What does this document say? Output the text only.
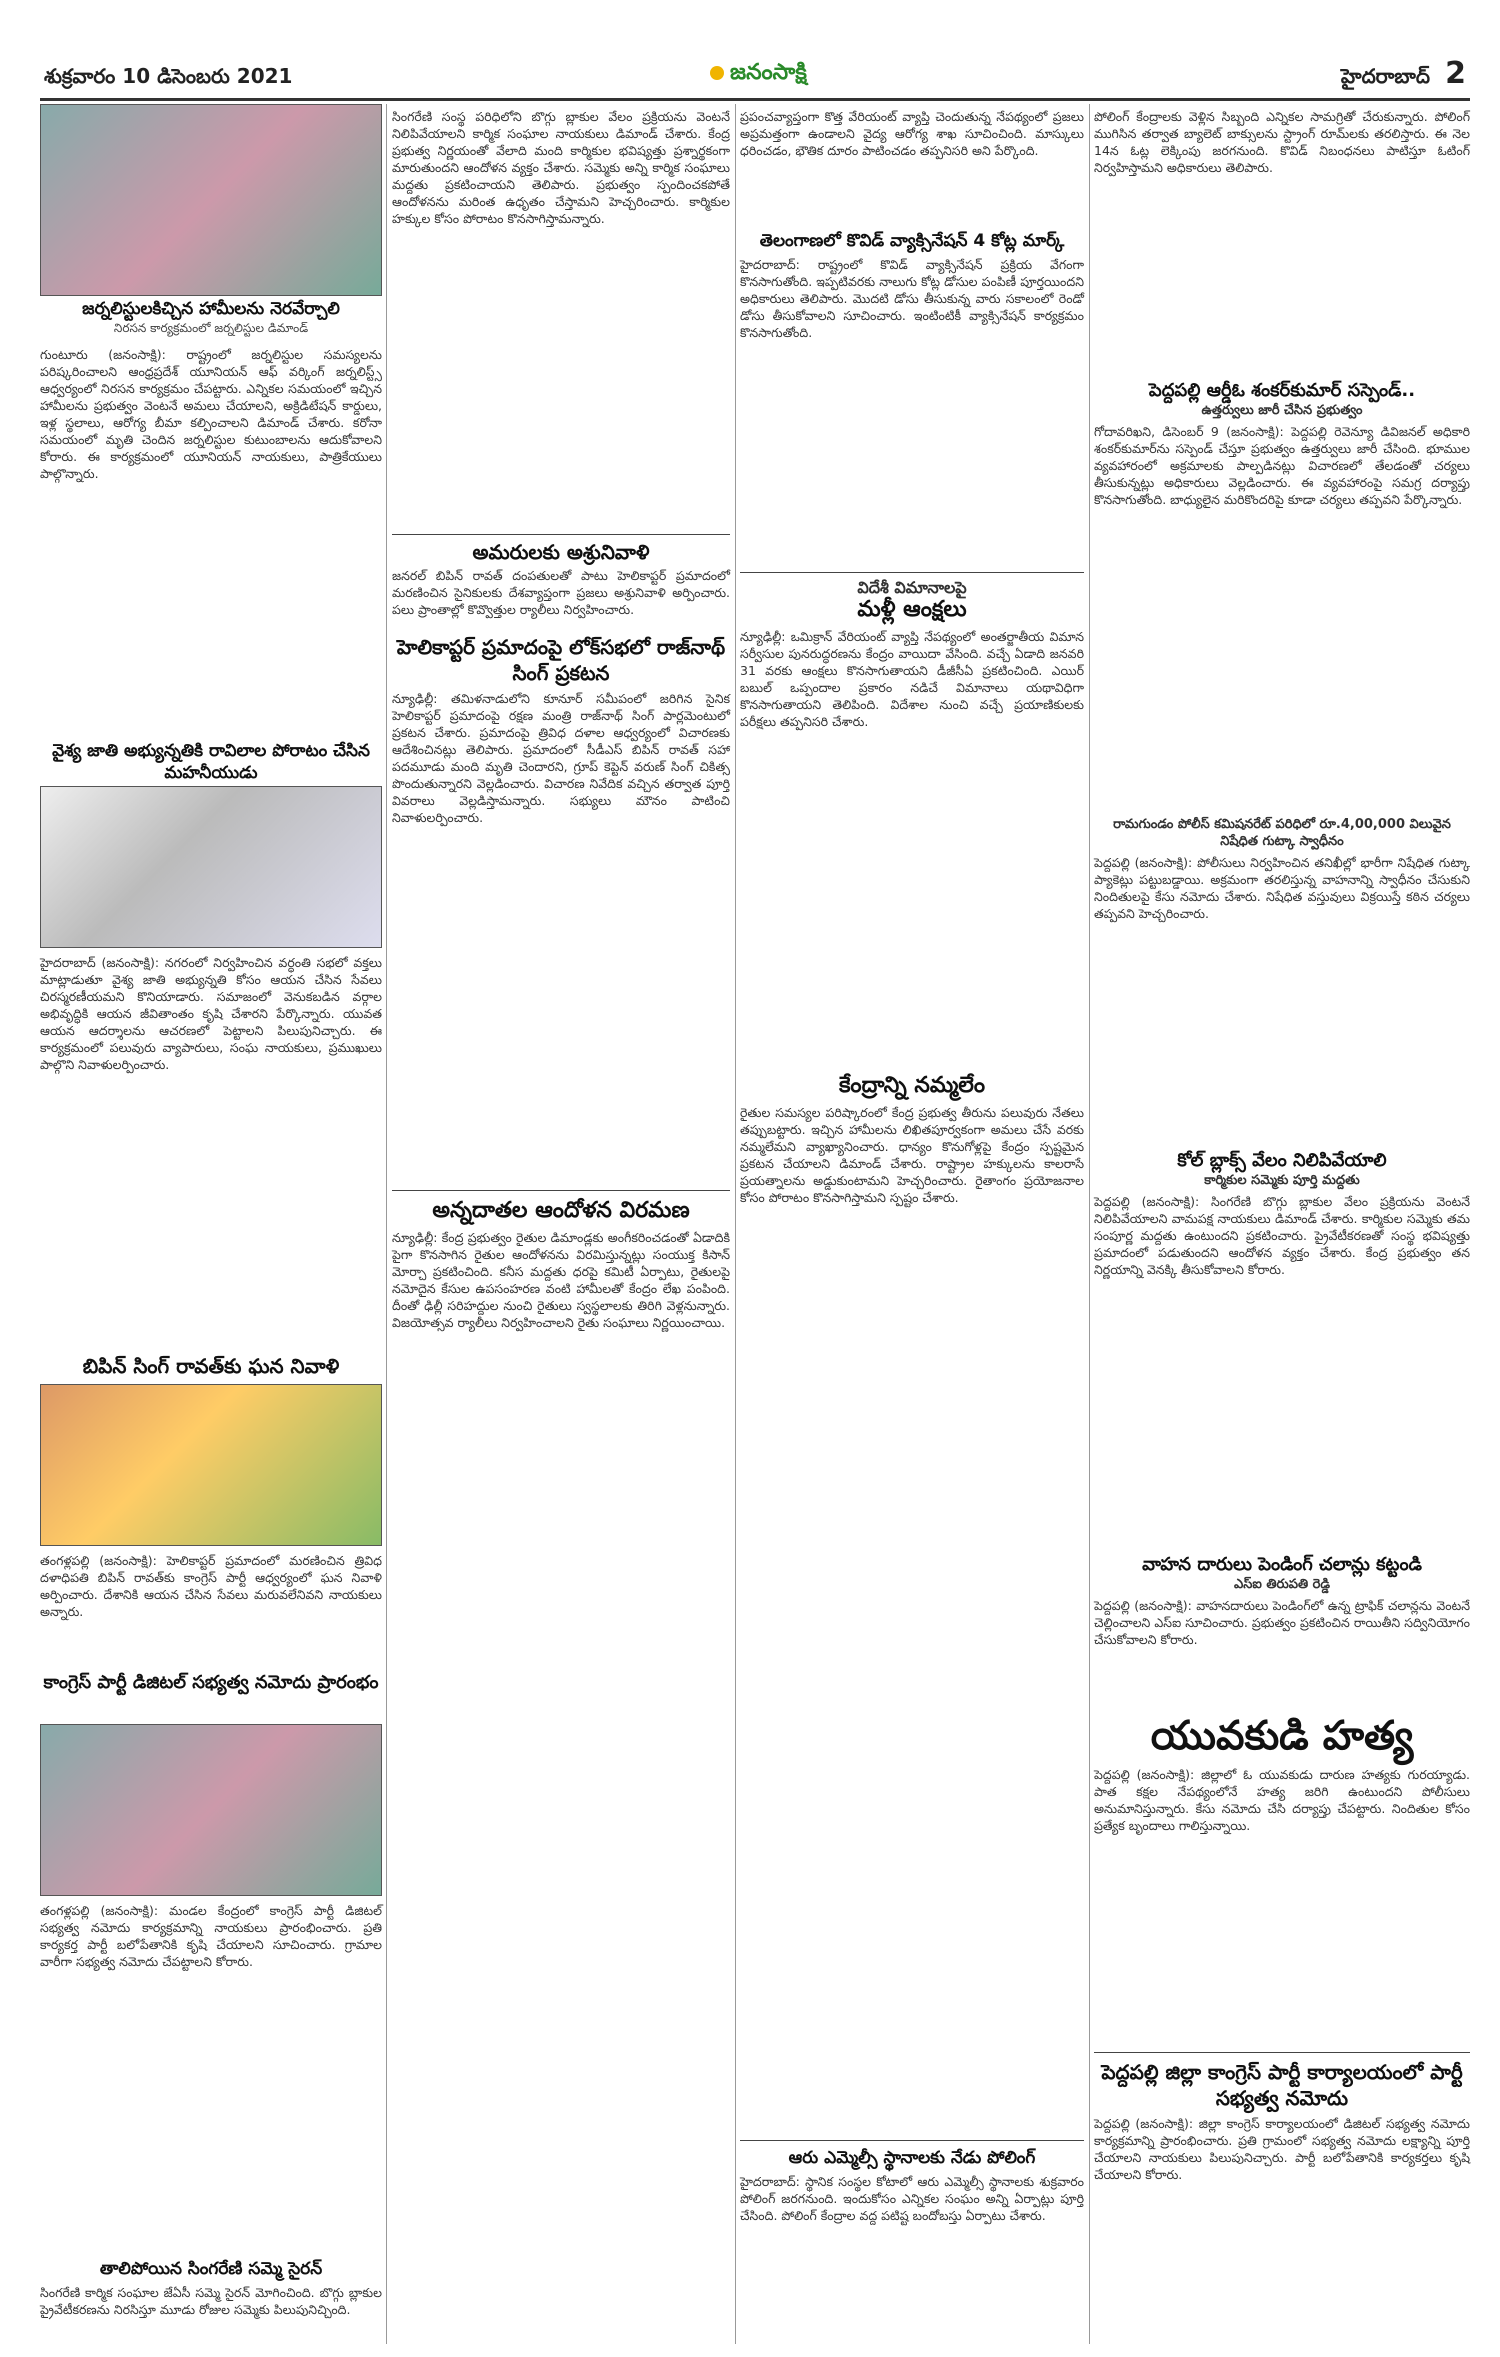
శుక్రవారం 10 డిసెంబరు 2021	జనంసాక్షి	హైదరాబాద్ 2
జర్నలిస్టులకిచ్చిన హామీలను నెరవేర్చాలి
నిరసన కార్యక్రమంలో జర్నలిస్టుల డిమాండ్
గుంటూరు (జనంసాక్షి): రాష్ట్రంలో జర్నలిస్టుల సమస్యలను పరిష్కరించాలని ఆంధ్రప్రదేశ్ యూనియన్ ఆఫ్ వర్కింగ్ జర్నలిస్ట్స్ ఆధ్వర్యంలో నిరసన కార్యక్రమం చేపట్టారు. ఎన్నికల సమయంలో ఇచ్చిన హామీలను ప్రభుత్వం వెంటనే అమలు చేయాలని, అక్రిడిటేషన్ కార్డులు, ఇళ్ల స్థలాలు, ఆరోగ్య బీమా కల్పించాలని డిమాండ్ చేశారు. కరోనా సమయంలో మృతి చెందిన జర్నలిస్టుల కుటుంబాలను ఆదుకోవాలని కోరారు. ఈ కార్యక్రమంలో యూనియన్ నాయకులు, పాత్రికేయులు పాల్గొన్నారు.
వైశ్య జాతి అభ్యున్నతికి రావిలాల పోరాటం చేసిన మహనీయుడు
హైదరాబాద్ (జనంసాక్షి): నగరంలో నిర్వహించిన వర్ధంతి సభలో వక్తలు మాట్లాడుతూ వైశ్య జాతి అభ్యున్నతి కోసం ఆయన చేసిన సేవలు చిరస్మరణీయమని కొనియాడారు. సమాజంలో వెనుకబడిన వర్గాల అభివృద్ధికి ఆయన జీవితాంతం కృషి చేశారని పేర్కొన్నారు. యువత ఆయన ఆదర్శాలను ఆచరణలో పెట్టాలని పిలుపునిచ్చారు. ఈ కార్యక్రమంలో పలువురు వ్యాపారులు, సంఘ నాయకులు, ప్రముఖులు పాల్గొని నివాళులర్పించారు.
బిపిన్ సింగ్ రావత్‌కు ఘన నివాళి
తంగళ్లపల్లి (జనంసాక్షి): హెలికాప్టర్ ప్రమాదంలో మరణించిన త్రివిధ దళాధిపతి బిపిన్ రావత్‌కు కాంగ్రెస్ పార్టీ ఆధ్వర్యంలో ఘన నివాళి అర్పించారు. దేశానికి ఆయన చేసిన సేవలు మరువలేనివని నాయకులు అన్నారు.
కాంగ్రెస్ పార్టీ డిజిటల్ సభ్యత్వ నమోదు ప్రారంభం
తంగళ్లపల్లి (జనంసాక్షి): మండల కేంద్రంలో కాంగ్రెస్ పార్టీ డిజిటల్ సభ్యత్వ నమోదు కార్యక్రమాన్ని నాయకులు ప్రారంభించారు. ప్రతి కార్యకర్త పార్టీ బలోపేతానికి కృషి చేయాలని సూచించారు. గ్రామాల వారీగా సభ్యత్వ నమోదు చేపట్టాలని కోరారు.
తాలిపోయిన సింగరేణి సమ్మె సైరన్
సింగరేణి కార్మిక సంఘాల జేఏసీ సమ్మె సైరన్ మోగించింది. బొగ్గు బ్లాకుల ప్రైవేటీకరణను నిరసిస్తూ మూడు రోజుల సమ్మెకు పిలుపునిచ్చింది.
సింగరేణి సంస్థ పరిధిలోని బొగ్గు బ్లాకుల వేలం ప్రక్రియను వెంటనే నిలిపివేయాలని కార్మిక సంఘాల నాయకులు డిమాండ్ చేశారు. కేంద్ర ప్రభుత్వ నిర్ణయంతో వేలాది మంది కార్మికుల భవిష్యత్తు ప్రశ్నార్థకంగా మారుతుందని ఆందోళన వ్యక్తం చేశారు. సమ్మెకు అన్ని కార్మిక సంఘాలు మద్దతు ప్రకటించాయని తెలిపారు. ప్రభుత్వం స్పందించకపోతే ఆందోళనను మరింత ఉధృతం చేస్తామని హెచ్చరించారు. కార్మికుల హక్కుల కోసం పోరాటం కొనసాగిస్తామన్నారు.
అమరులకు అశ్రునివాళి
జనరల్ బిపిన్ రావత్ దంపతులతో పాటు హెలికాప్టర్ ప్రమాదంలో మరణించిన సైనికులకు దేశవ్యాప్తంగా ప్రజలు అశ్రునివాళి అర్పించారు. పలు ప్రాంతాల్లో కొవ్వొత్తుల ర్యాలీలు నిర్వహించారు.
హెలికాప్టర్ ప్రమాదంపై లోక్‌సభలో రాజ్‌నాథ్ సింగ్ ప్రకటన
న్యూఢిల్లీ: తమిళనాడులోని కూనూర్ సమీపంలో జరిగిన సైనిక హెలికాప్టర్ ప్రమాదంపై రక్షణ మంత్రి రాజ్‌నాథ్ సింగ్ పార్లమెంటులో ప్రకటన చేశారు. ప్రమాదంపై త్రివిధ దళాల ఆధ్వర్యంలో విచారణకు ఆదేశించినట్లు తెలిపారు. ప్రమాదంలో సీడీఎస్ బిపిన్ రావత్ సహా పదమూడు మంది మృతి చెందారని, గ్రూప్ కెప్టెన్ వరుణ్ సింగ్ చికిత్స పొందుతున్నారని వెల్లడించారు. విచారణ నివేదిక వచ్చిన తర్వాత పూర్తి వివరాలు వెల్లడిస్తామన్నారు. సభ్యులు మౌనం పాటించి నివాళులర్పించారు.
అన్నదాతల ఆందోళన విరమణ
న్యూఢిల్లీ: కేంద్ర ప్రభుత్వం రైతుల డిమాండ్లకు అంగీకరించడంతో ఏడాదికి పైగా కొనసాగిన రైతుల ఆందోళనను విరమిస్తున్నట్లు సంయుక్త కిసాన్ మోర్చా ప్రకటించింది. కనీస మద్దతు ధరపై కమిటీ ఏర్పాటు, రైతులపై నమోదైన కేసుల ఉపసంహరణ వంటి హామీలతో కేంద్రం లేఖ పంపింది. దీంతో ఢిల్లీ సరిహద్దుల నుంచి రైతులు స్వస్థలాలకు తిరిగి వెళ్లనున్నారు. విజయోత్సవ ర్యాలీలు నిర్వహించాలని రైతు సంఘాలు నిర్ణయించాయి.
ప్రపంచవ్యాప్తంగా కొత్త వేరియంట్ వ్యాప్తి చెందుతున్న నేపథ్యంలో ప్రజలు అప్రమత్తంగా ఉండాలని వైద్య ఆరోగ్య శాఖ సూచించింది. మాస్కులు ధరించడం, భౌతిక దూరం పాటించడం తప్పనిసరి అని పేర్కొంది.
తెలంగాణలో కొవిడ్ వ్యాక్సినేషన్ 4 కోట్ల మార్క్
హైదరాబాద్: రాష్ట్రంలో కొవిడ్ వ్యాక్సినేషన్ ప్రక్రియ వేగంగా కొనసాగుతోంది. ఇప్పటివరకు నాలుగు కోట్ల డోసుల పంపిణీ పూర్తయిందని అధికారులు తెలిపారు. మొదటి డోసు తీసుకున్న వారు సకాలంలో రెండో డోసు తీసుకోవాలని సూచించారు. ఇంటింటికీ వ్యాక్సినేషన్ కార్యక్రమం కొనసాగుతోంది.
విదేశీ విమానాలపై
మళ్లీ ఆంక్షలు
న్యూఢిల్లీ: ఒమిక్రాన్ వేరియంట్ వ్యాప్తి నేపథ్యంలో అంతర్జాతీయ విమాన సర్వీసుల పునరుద్ధరణను కేంద్రం వాయిదా వేసింది. వచ్చే ఏడాది జనవరి 31 వరకు ఆంక్షలు కొనసాగుతాయని డీజీసీఏ ప్రకటించింది. ఎయిర్ బబుల్ ఒప్పందాల ప్రకారం నడిచే విమానాలు యథావిధిగా కొనసాగుతాయని తెలిపింది. విదేశాల నుంచి వచ్చే ప్రయాణికులకు పరీక్షలు తప్పనిసరి చేశారు.
కేంద్రాన్ని నమ్మలేం
రైతుల సమస్యల పరిష్కారంలో కేంద్ర ప్రభుత్వ తీరును పలువురు నేతలు తప్పుబట్టారు. ఇచ్చిన హామీలను లిఖితపూర్వకంగా అమలు చేసే వరకు నమ్మలేమని వ్యాఖ్యానించారు. ధాన్యం కొనుగోళ్లపై కేంద్రం స్పష్టమైన ప్రకటన చేయాలని డిమాండ్ చేశారు. రాష్ట్రాల హక్కులను కాలరాసే ప్రయత్నాలను అడ్డుకుంటామని హెచ్చరించారు. రైతాంగం ప్రయోజనాల కోసం పోరాటం కొనసాగిస్తామని స్పష్టం చేశారు.
ఆరు ఎమ్మెల్సీ స్థానాలకు నేడు పోలింగ్
హైదరాబాద్: స్థానిక సంస్థల కోటాలో ఆరు ఎమ్మెల్సీ స్థానాలకు శుక్రవారం పోలింగ్ జరగనుంది. ఇందుకోసం ఎన్నికల సంఘం అన్ని ఏర్పాట్లు పూర్తి చేసింది. పోలింగ్ కేంద్రాల వద్ద పటిష్ట బందోబస్తు ఏర్పాటు చేశారు.
పోలింగ్ కేంద్రాలకు వెళ్లిన సిబ్బంది ఎన్నికల సామగ్రితో చేరుకున్నారు. పోలింగ్ ముగిసిన తర్వాత బ్యాలెట్ బాక్సులను స్ట్రాంగ్ రూమ్‌లకు తరలిస్తారు. ఈ నెల 14న ఓట్ల లెక్కింపు జరగనుంది. కొవిడ్ నిబంధనలు పాటిస్తూ ఓటింగ్ నిర్వహిస్తామని అధికారులు తెలిపారు.
పెద్దపల్లి ఆర్డీఓ శంకర్‌కుమార్ సస్పెండ్..
ఉత్తర్వులు జారీ చేసిన ప్రభుత్వం
గోదావరిఖని, డిసెంబర్ 9 (జనంసాక్షి): పెద్దపల్లి రెవెన్యూ డివిజనల్ అధికారి శంకర్‌కుమార్‌ను సస్పెండ్ చేస్తూ ప్రభుత్వం ఉత్తర్వులు జారీ చేసింది. భూముల వ్యవహారంలో అక్రమాలకు పాల్పడినట్లు విచారణలో తేలడంతో చర్యలు తీసుకున్నట్లు అధికారులు వెల్లడించారు. ఈ వ్యవహారంపై సమగ్ర దర్యాప్తు కొనసాగుతోంది. బాధ్యులైన మరికొందరిపై కూడా చర్యలు తప్పవని పేర్కొన్నారు.
రామగుండం పోలీస్ కమిషనరేట్ పరిధిలో రూ.4,00,000 విలువైన నిషేధిత గుట్కా స్వాధీనం
పెద్దపల్లి (జనంసాక్షి): పోలీసులు నిర్వహించిన తనిఖీల్లో భారీగా నిషేధిత గుట్కా ప్యాకెట్లు పట్టుబడ్డాయి. అక్రమంగా తరలిస్తున్న వాహనాన్ని స్వాధీనం చేసుకుని నిందితులపై కేసు నమోదు చేశారు. నిషేధిత వస్తువులు విక్రయిస్తే కఠిన చర్యలు తప్పవని హెచ్చరించారు.
కోల్ బ్లాక్స్ వేలం నిలిపివేయాలి
కార్మికుల సమ్మెకు పూర్తి మద్దతు
పెద్దపల్లి (జనంసాక్షి): సింగరేణి బొగ్గు బ్లాకుల వేలం ప్రక్రియను వెంటనే నిలిపివేయాలని వామపక్ష నాయకులు డిమాండ్ చేశారు. కార్మికుల సమ్మెకు తమ సంపూర్ణ మద్దతు ఉంటుందని ప్రకటించారు. ప్రైవేటీకరణతో సంస్థ భవిష్యత్తు ప్రమాదంలో పడుతుందని ఆందోళన వ్యక్తం చేశారు. కేంద్ర ప్రభుత్వం తన నిర్ణయాన్ని వెనక్కి తీసుకోవాలని కోరారు.
వాహన దారులు పెండింగ్ చలాన్లు కట్టండి
ఎస్ఐ తిరుపతి రెడ్డి
పెద్దపల్లి (జనంసాక్షి): వాహనదారులు పెండింగ్‌లో ఉన్న ట్రాఫిక్ చలాన్లను వెంటనే చెల్లించాలని ఎస్ఐ సూచించారు. ప్రభుత్వం ప్రకటించిన రాయితీని సద్వినియోగం చేసుకోవాలని కోరారు.
యువకుడి హత్య
పెద్దపల్లి (జనంసాక్షి): జిల్లాలో ఓ యువకుడు దారుణ హత్యకు గురయ్యాడు. పాత కక్షల నేపథ్యంలోనే హత్య జరిగి ఉంటుందని పోలీసులు అనుమానిస్తున్నారు. కేసు నమోదు చేసి దర్యాప్తు చేపట్టారు. నిందితుల కోసం ప్రత్యేక బృందాలు గాలిస్తున్నాయి.
పెద్దపల్లి జిల్లా కాంగ్రెస్ పార్టీ కార్యాలయంలో పార్టీ సభ్యత్వ నమోదు
పెద్దపల్లి (జనంసాక్షి): జిల్లా కాంగ్రెస్ కార్యాలయంలో డిజిటల్ సభ్యత్వ నమోదు కార్యక్రమాన్ని ప్రారంభించారు. ప్రతి గ్రామంలో సభ్యత్వ నమోదు లక్ష్యాన్ని పూర్తి చేయాలని నాయకులు పిలుపునిచ్చారు. పార్టీ బలోపేతానికి కార్యకర్తలు కృషి చేయాలని కోరారు.
